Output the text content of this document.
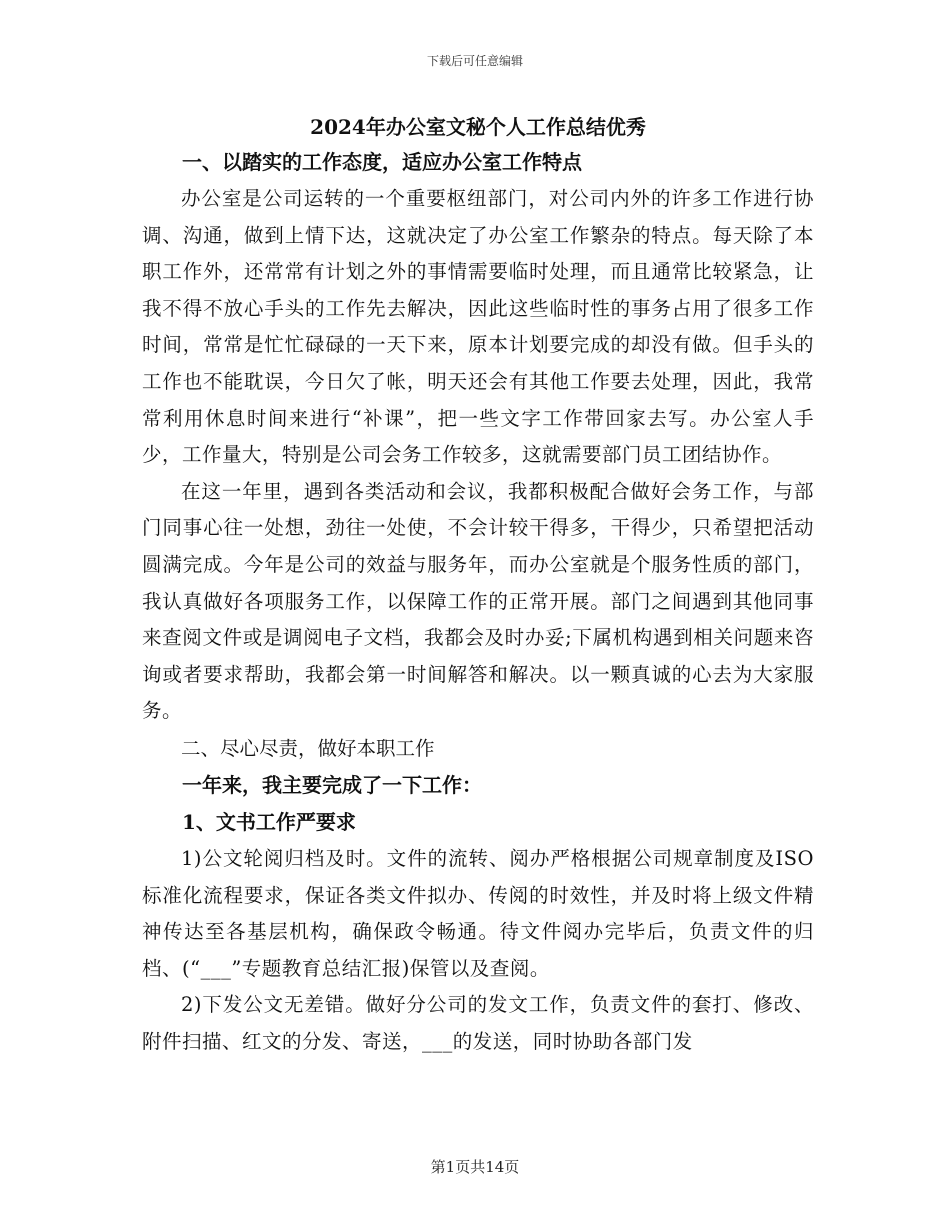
下载后可任意编辑
2024年办公室文秘个人工作总结优秀

一、以踏实的工作态度，适应办公室工作特点

办公室是公司运转的一个重要枢纽部门，对公司内外的许多工作进行协调、沟通，做到上情下达，这就决定了办公室工作繁杂的特点。每天除了本职工作外，还常常有计划之外的事情需要临时处理，而且通常比较紧急，让我不得不放心手头的工作先去解决，因此这些临时性的事务占用了很多工作时间，常常是忙忙碌碌的一天下来，原本计划要完成的却没有做。但手头的工作也不能耽误，今日欠了帐，明天还会有其他工作要去处理，因此，我常常利用休息时间来进行“补课”，把一些文字工作带回家去写。办公室人手少，工作量大，特别是公司会务工作较多，这就需要部门员工团结协作。

在这一年里，遇到各类活动和会议，我都积极配合做好会务工作，与部门同事心往一处想，劲往一处使，不会计较干得多，干得少，只希望把活动圆满完成。今年是公司的效益与服务年，而办公室就是个服务性质的部门，我认真做好各项服务工作，以保障工作的正常开展。部门之间遇到其他同事来查阅文件或是调阅电子文档，我都会及时办妥;下属机构遇到相关问题来咨询或者要求帮助，我都会第一时间解答和解决。以一颗真诚的心去为大家服务。

二、尽心尽责，做好本职工作

一年来，我主要完成了一下工作：

1、文书工作严要求

1)公文轮阅归档及时。文件的流转、阅办严格根据公司规章制度及ISO标准化流程要求，保证各类文件拟办、传阅的时效性，并及时将上级文件精神传达至各基层机构，确保政令畅通。待文件阅办完毕后，负责文件的归档、(“___”专题教育总结汇报)保管以及查阅。

2)下发公文无差错。做好分公司的发文工作，负责文件的套打、修改、附件扫描、红文的分发、寄送，___的发送，同时协助各部门发

第1页共14页
